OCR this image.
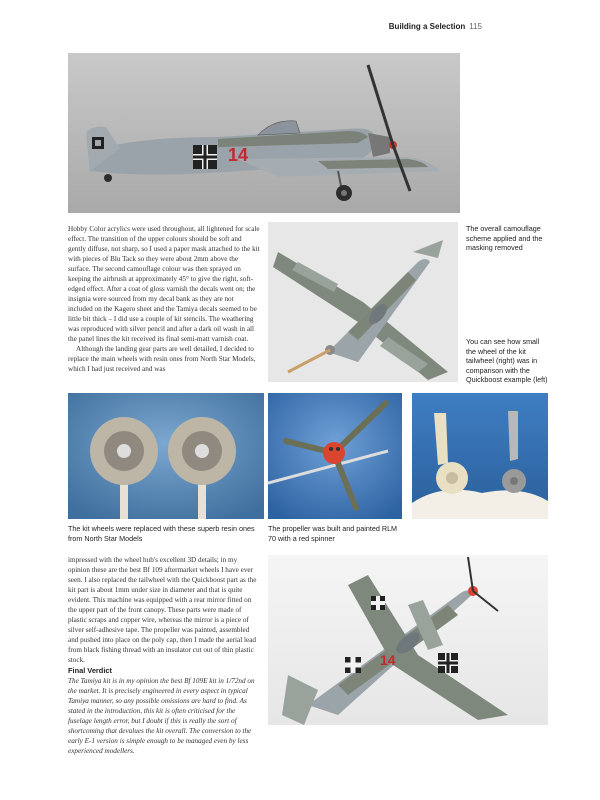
Building a Selection 115
14

Hobby Color acrylics were used throughout, all lightened for scale effect. The transition of the upper colours should be soft and gently diffuse, not sharp, so I used a paper mask attached to the kit with pieces of Blu Tack so they were about 2mm above the surface. The second camouflage colour was then sprayed on keeping the airbrush at approximately 45° to give the right, soft-edged effect. After a coat of gloss varnish the decals went on; the insignia were sourced from my decal bank as they are not included on the Kagero sheet and the Tamiya decals seemed to be little bit thick – I did use a couple of kit stencils. The weathering was reproduced with silver pencil and after a dark oil wash in all the panel lines the kit received its final semi-matt varnish coat.

Although the landing gear parts are well detailed, I decided to replace the main wheels with resin ones from North Star Models, which I had just received and was

The overall camouflage scheme applied and the masking removed
You can see how small the wheel of the kit tailwheel (right) was in comparison with the Quickboost example (left)
The kit wheels were replaced with these superb resin ones from North Star Models
The propeller was built and painted RLM 70 with a red spinner

impressed with the wheel hub's excellent 3D details; in my opinion these are the best Bf 109 aftermarket wheels I have ever seen. I also replaced the tailwheel with the Quickboost part as the kit part is about 1mm under size in diameter and that is quite evident. This machine was equipped with a rear mirror fitted on the upper part of the front canopy. These parts were made of plastic scraps and copper wire, whereas the mirror is a piece of silver self-adhesive tape. The propeller was painted, assembled and pushed into place on the poly cap, then I made the aerial lead from black fishing thread with an insulator cut out of thin plastic stock.

Final Verdict

The Tamiya kit is in my opinion the best Bf 109E kit in 1/72nd on the market. It is precisely engineered in every aspect in typical Tamiya manner, so any possible omissions are hard to find. As stated in the introduction, this kit is often criticised for the fuselage length error, but I doubt if this is really the sort of shortcoming that devalues the kit overall. The conversion to the early E-1 version is simple enough to be managed even by less experienced modellers.

14
